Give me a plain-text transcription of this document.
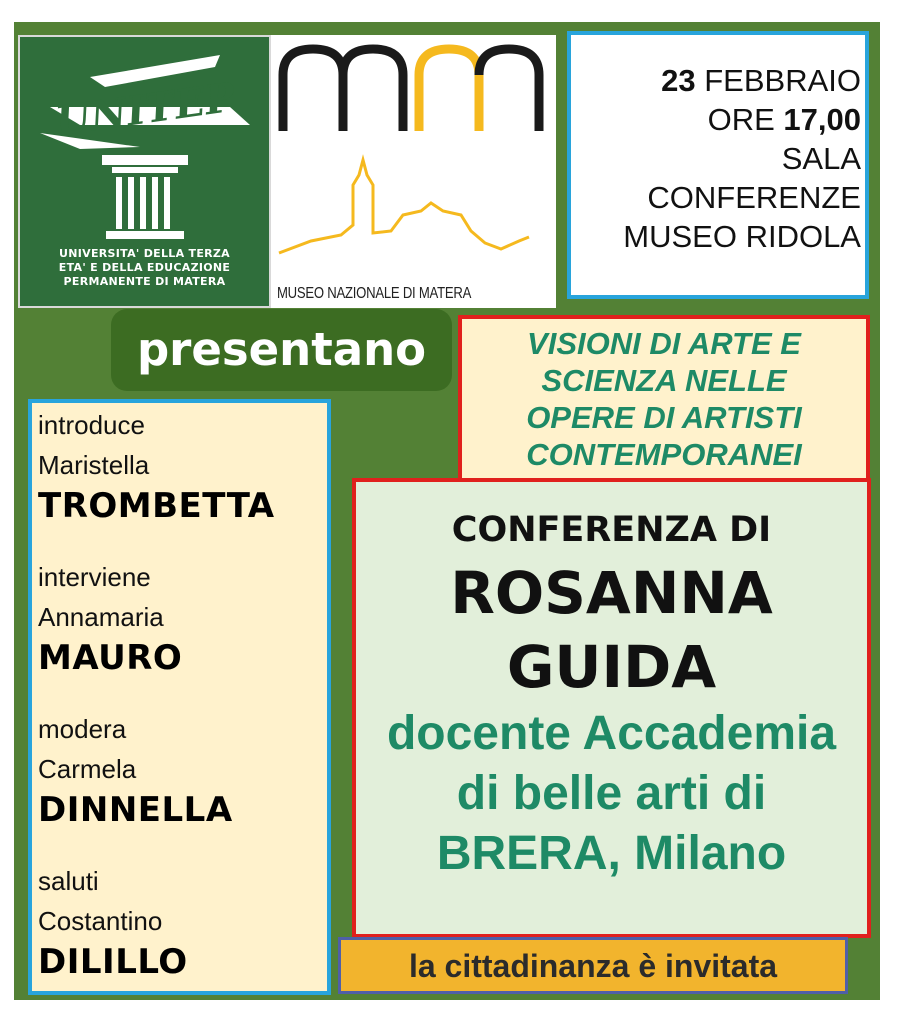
UNITEP
UNIVERSITA' DELLA TERZA
ETA' E DELLA EDUCAZIONE
PERMANENTE DI MATERA
MUSEO NAZIONALE DI MATERA
23 FEBBRAIO
ORE 17,00
SALA
CONFERENZE
MUSEO RIDOLA
presentano	VISIONI DI ARTE E
SCIENZA NELLE
OPERE DI ARTISTI
CONTEMPORANEI
introduce
Maristella
TROMBETTA
interviene
Annamaria
MAURO
modera
Carmela
DINNELLA
saluti
Costantino
DILILLO
CONFERENZA DI
ROSANNA
GUIDA
docente Accademia
di belle arti di
BRERA, Milano
la cittadinanza è invitata
